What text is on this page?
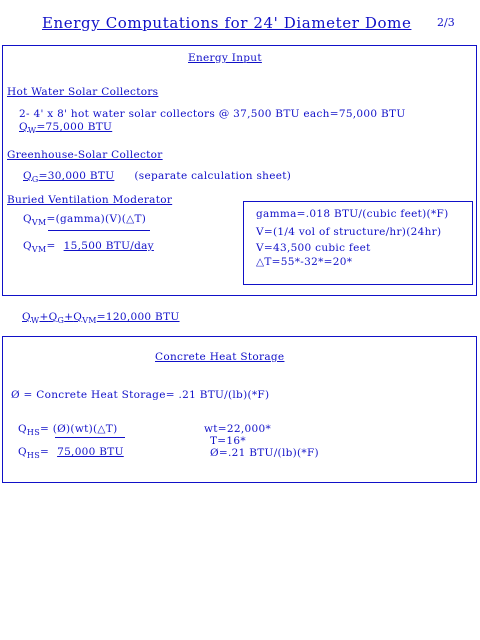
Energy Computations for 24' Diameter Dome 2/3
Energy Input
Hot Water Solar Collectors
2- 4' x 8' hot water solar collectors @ 37,500 BTU each=75,000 BTU
$Q_W=75,000$ BTU
Greenhouse-Solar Collector
$Q_G=30,000$ BTU (separate calculation sheet)
Buried Ventilation Moderator
$Q_{VM}=(gamma)(V)(\triangle T)$
$Q_{VM}= 15,500$ BTU/day
gamma=.018 BTU/(cubic feet)(*F)
V=(1/4 vol of structure/hr)(24hr)
V=43,500 cubic feet
△T=55*-32*=20*
$Q_W+Q_G+Q_{VM}=120,000$ BTU
Concrete Heat Storage
Ø = Concrete Heat Storage= .21 BTU/(lb)(*F)
$Q_{HS}=$ (Ø)(wt)(△T)
$Q_{HS}= 75,000$ BTU
wt=22,000*
T=16*
Ø=.21 BTU/(lb)(*F)
